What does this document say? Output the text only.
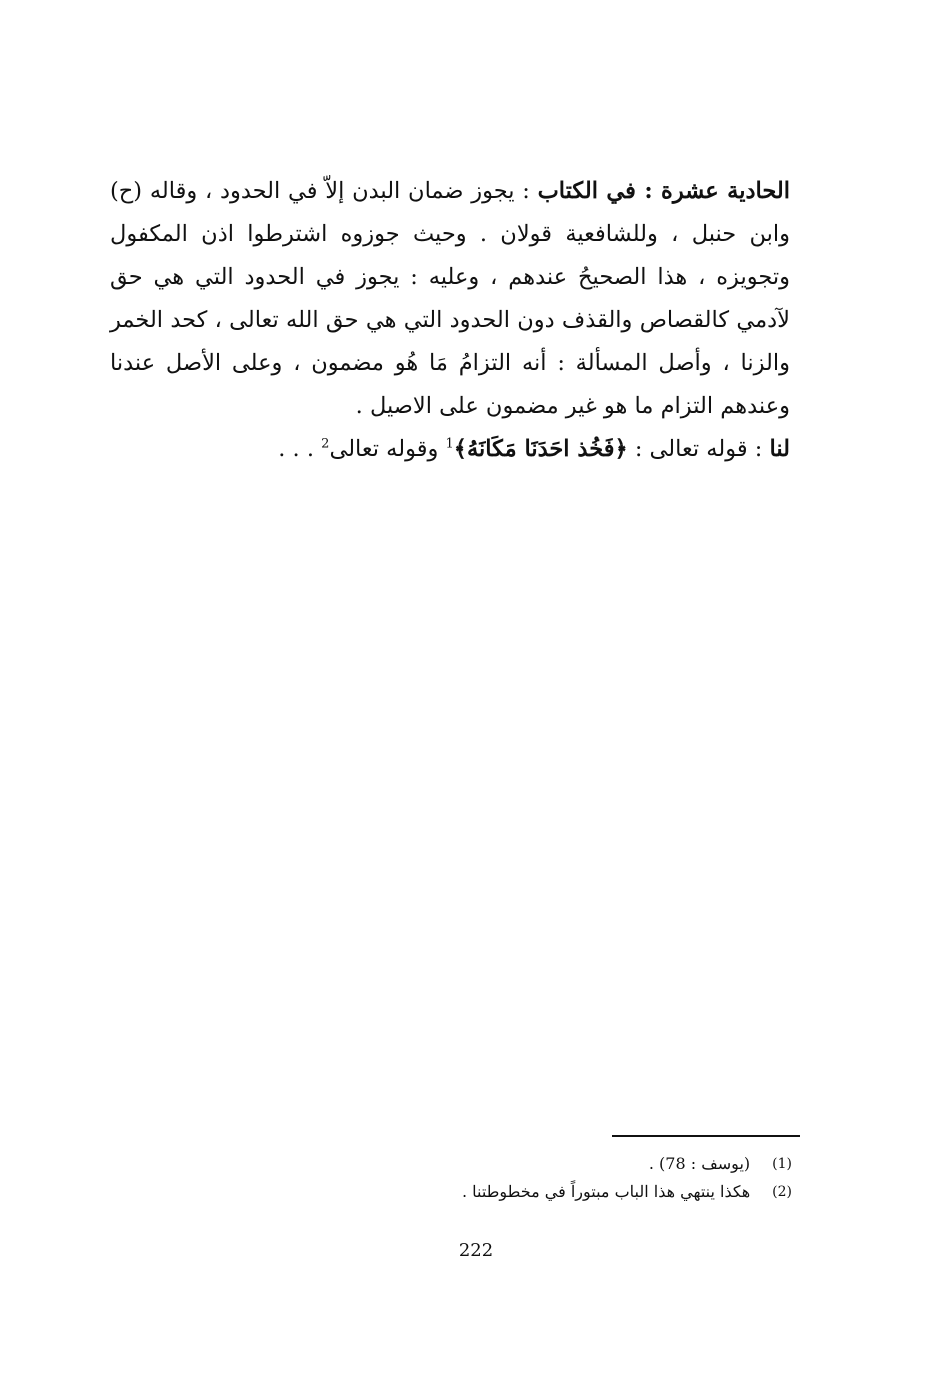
الحادية عشرة : في الكتاب : يجوز ضمان البدن إلاّ في الحدود ، وقاله (ح) وابن حنبل ، وللشافعية قولان . وحيث جوزوه اشترطوا اذن المكفول وتجويزه ، هذا الصحيحُ عندهم ، وعليه : يجوز في الحدود التي هي حق لآدمي كالقصاص والقذف دون الحدود التي هي حق الله تعالى ، كحد الخمر والزنا ، وأصل المسألة : أنه التزامُ مَا هُو مضمون ، وعلى الأصل عندنا وعندهم التزام ما هو غير مضمون على الاصيل .

لنا : قوله تعالى : ﴿فَخُذ احَدَنَا مَكَانَهُ﴾$^1$ وقوله تعالى$^2$ . . .

(1)
(يوسف : 78) .
(2)
هكذا ينتهي هذا الباب مبتوراً في مخطوطتنا .
222
